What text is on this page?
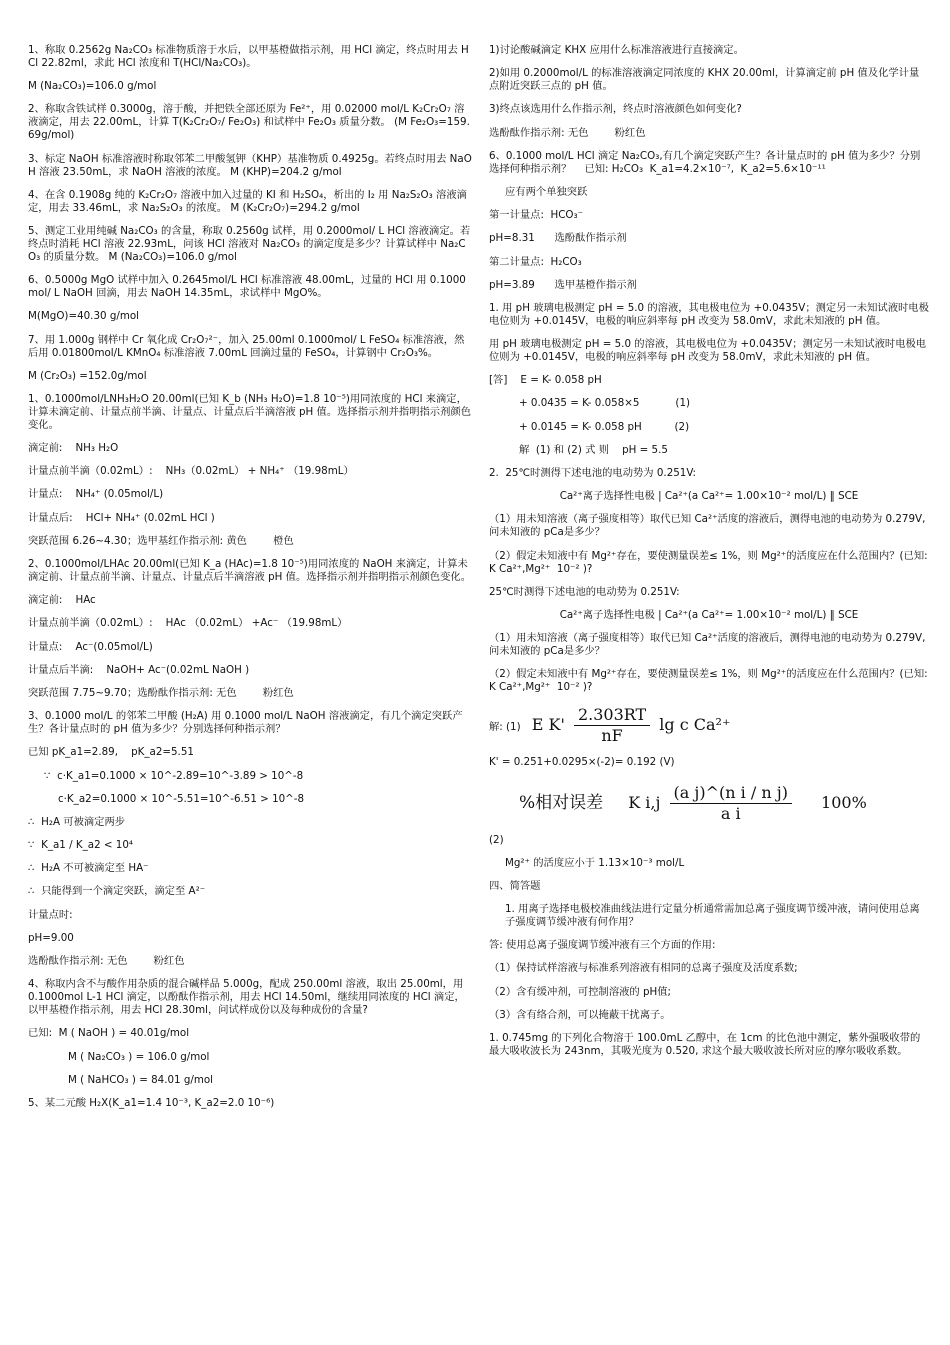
1、称取 0.2562g Na₂CO₃ 标准物质溶于水后，以甲基橙做指示剂，用 HCl 滴定，终点时用去 HCl 22.82ml，求此 HCl 浓度和 T(HCl/Na₂CO₃)。
M (Na₂CO₃)=106.0 g/mol
2、称取含铁试样 0.3000g，溶于酸，并把铁全部还原为 Fe²⁺，用 0.02000 mol/L K₂Cr₂O₇ 溶液滴定，用去 22.00mL，计算 T(K₂Cr₂O₇/ Fe₂O₃) 和试样中 Fe₂O₃ 质量分数。 (M Fe₂O₃=159.69g/mol)
3、标定 NaOH 标准溶液时称取邻苯二甲酸氢钾（KHP）基准物质 0.4925g。若终点时用去 NaOH 溶液 23.50mL，求 NaOH 溶液的浓度。 M (KHP)=204.2 g/mol
4、在含 0.1908g 纯的 K₂Cr₂O₇ 溶液中加入过量的 KI 和 H₂SO₄，析出的 I₂ 用 Na₂S₂O₃ 溶液滴定，用去 33.46mL，求 Na₂S₂O₃ 的浓度。 M (K₂Cr₂O₇)=294.2 g/mol
5、测定工业用纯碱 Na₂CO₃ 的含量，称取 0.2560g 试样，用 0.2000mol/ L HCl 溶液滴定。若终点时消耗 HCl 溶液 22.93mL，问该 HCl 溶液对 Na₂CO₃ 的滴定度是多少？计算试样中 Na₂CO₃ 的质量分数。 M (Na₂CO₃)=106.0 g/mol
6、0.5000g MgO 试样中加入 0.2645mol/L HCl 标准溶液 48.00mL，过量的 HCl 用 0.1000mol/ L NaOH 回滴，用去 NaOH 14.35mL，求试样中 MgO%。
M(MgO)=40.30 g/mol
7、用 1.000g 钢样中 Cr 氧化成 Cr₂O₇²⁻，加入 25.00ml 0.1000mol/ L FeSO₄ 标准溶液，然后用 0.01800mol/L KMnO₄ 标准溶液 7.00mL 回滴过量的 FeSO₄，计算钢中 Cr₂O₃%。
M (Cr₂O₃) =152.0g/mol
1、0.1000mol/LNH₃H₂O 20.00ml(已知 K_b (NH₃ H₂O)=1.8 10⁻⁵)用同浓度的 HCl 来滴定，计算未滴定前、计量点前半滴、计量点、计量点后半滴溶液 pH 值。选择指示剂并指明指示剂颜色变化。
滴定前:    NH₃ H₂O
计量点前半滴（0.02mL）:    NH₃（0.02mL） + NH₄⁺ （19.98mL）
计量点:    NH₄⁺ (0.05mol/L)
计量点后:    HCl+ NH₄⁺ (0.02mL HCl )
突跃范围 6.26~4.30；选甲基红作指示剂: 黄色        橙色
2、0.1000mol/LHAc 20.00ml(已知 K_a (HAc)=1.8 10⁻⁵)用同浓度的 NaOH 来滴定，计算未滴定前、计量点前半滴、计量点、计量点后半滴溶液 pH 值。选择指示剂并指明指示剂颜色变化。
滴定前:    HAc
计量点前半滴（0.02mL）:    HAc （0.02mL） +Ac⁻ （19.98mL）
计量点:    Ac⁻(0.05mol/L)
计量点后半滴:    NaOH+ Ac⁻(0.02mL NaOH )
突跃范围 7.75~9.70；选酚酞作指示剂: 无色        粉红色
3、0.1000 mol/L 的邻苯二甲酸 (H₂A) 用 0.1000 mol/L NaOH 溶液滴定，有几个滴定突跃产生？各计量点时的 pH 值为多少？分别选择何种指示剂？
已知 pK_a1=2.89,    pK_a2=5.51
∵  c·K_a1=0.1000 × 10^-2.89=10^-3.89 > 10^-8
c·K_a2=0.1000 × 10^-5.51=10^-6.51 > 10^-8
∴  H₂A 可被滴定两步
∵  K_a1 / K_a2 < 10⁴
∴  H₂A 不可被滴定至 HA⁻
∴  只能得到一个滴定突跃，滴定至 A²⁻
计量点时:
pH=9.00
选酚酞作指示剂: 无色        粉红色
4、称取内含不与酸作用杂质的混合碱样品 5.000g，配成 250.00ml 溶液，取出 25.00ml，用 0.1000mol L-1 HCl 滴定，以酚酞作指示剂，用去 HCl 14.50ml，继续用同浓度的 HCl 滴定，以甲基橙作指示剂，用去 HCl 28.30ml，问试样成份以及每种成份的含量?
已知:  M ( NaOH ) = 40.01g/mol
M ( Na₂CO₃ ) = 106.0 g/mol
M ( NaHCO₃ ) = 84.01 g/mol
5、某二元酸 H₂X(K_a1=1.4 10⁻³, K_a2=2.0 10⁻⁶)
1)讨论酸碱滴定 KHX 应用什么标准溶液进行直接滴定。
2)如用 0.2000mol/L 的标准溶液滴定同浓度的 KHX 20.00ml，计算滴定前 pH 值及化学计量点附近突跃三点的 pH 值。
3)终点该选用什么作指示剂，终点时溶液颜色如何变化?
选酚酞作指示剂: 无色        粉红色
6、0.1000 mol/L HCl 滴定 Na₂CO₃,有几个滴定突跃产生？各计量点时的 pH 值为多少？分别选择何种指示剂？    已知: H₂CO₃  K_a1=4.2×10⁻⁷,  K_a2=5.6×10⁻¹¹
应有两个单独突跃
第一计量点:  HCO₃⁻
pH=8.31      选酚酞作指示剂
第二计量点:  H₂CO₃
pH=3.89      选甲基橙作指示剂
1. 用 pH 玻璃电极测定 pH = 5.0 的溶液，其电极电位为 +0.0435V；测定另一未知试液时电极电位则为 +0.0145V，电极的响应斜率每 pH 改变为 58.0mV，求此未知液的 pH 值。
用 pH 玻璃电极测定 pH = 5.0 的溶液，其电极电位为 +0.0435V；测定另一未知试液时电极电位则为 +0.0145V，电极的响应斜率每 pH 改变为 58.0mV，求此未知液的 pH 值。
[答]    E = K- 0.058 pH
+ 0.0435 = K- 0.058×5           (1)
+ 0.0145 = K- 0.058 pH          (2)
解  (1) 和 (2) 式 则    pH = 5.5
2.  25℃时测得下述电池的电动势为 0.251V:
Ca²⁺离子选择性电极 | Ca²⁺(a Ca²⁺= 1.00×10⁻² mol/L) ‖ SCE
（1）用未知溶液（离子强度相等）取代已知 Ca²⁺活度的溶液后，测得电池的电动势为 0.279V,问未知液的 pCa是多少？
（2）假定未知液中有 Mg²⁺存在，要使测量误差≤ 1%，则 Mg²⁺的活度应在什么范围内？(已知: K Ca²⁺,Mg²⁺  10⁻² )?
25℃时测得下述电池的电动势为 0.251V:
Ca²⁺离子选择性电极 | Ca²⁺(a Ca²⁺= 1.00×10⁻² mol/L) ‖ SCE
（1）用未知溶液（离子强度相等）取代已知 Ca²⁺活度的溶液后，测得电池的电动势为 0.279V,问未知液的 pCa是多少？
（2）假定未知液中有 Mg²⁺存在，要使测量误差≤ 1%，则 Mg²⁺的活度应在什么范围内？(已知: K Ca²⁺,Mg²⁺  10⁻² )?
解: (1) E $K' \frac{2.303RT}{nF}$ lg c Ca²⁺
K' = 0.251+0.0295×(-2)= 0.192 (V)
%相对误差 K $i,j \frac{\text{(a j)\textasciicircum{}(n i / n j)}}{\text{a i}} 100\%$
(2)
Mg²⁺ 的活度应小于 1.13×10⁻³ mol/L
四、简答题
1. 用离子选择电极校准曲线法进行定量分析通常需加总离子强度调节缓冲液，请问使用总离子强度调节缓冲液有何作用？
答: 使用总离子强度调节缓冲液有三个方面的作用:
（1）保持试样溶液与标准系列溶液有相同的总离子强度及活度系数;
（2）含有缓冲剂，可控制溶液的 pH值;
（3）含有络合剂，可以掩蔽干扰离子。
1. 0.745mg 的下列化合物溶于 100.0mL 乙醇中，在 1cm 的比色池中测定，紫外强吸收带的最大吸收波长为 243nm，其吸光度为 0.520, 求这个最大吸收波长所对应的摩尔吸收系数。
